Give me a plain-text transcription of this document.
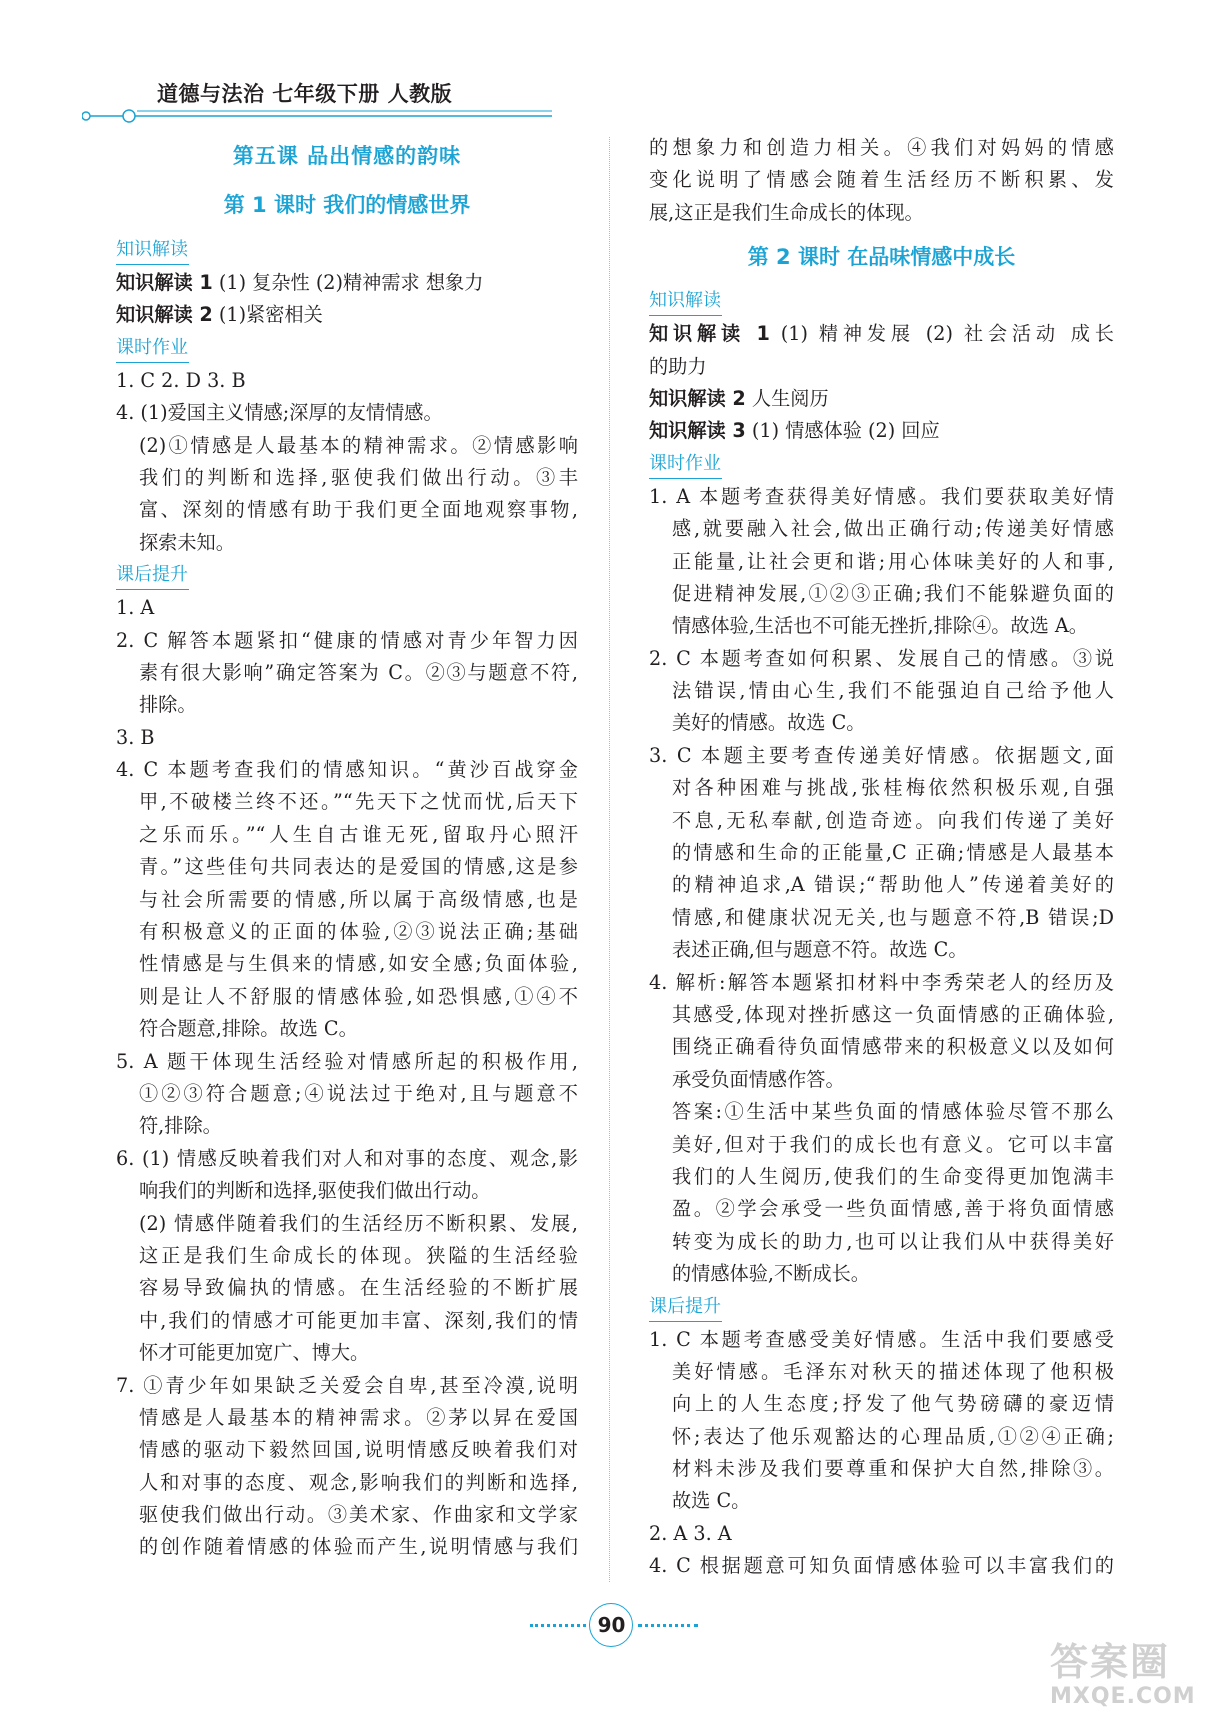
道德与法治 七年级下册 人教版
第五课 品出情感的韵味
第 1 课时 我们的情感世界
知识解读
知识解读 1 (1) 复杂性 (2)精神需求 想象力
知识解读 2 (1)紧密相关
课时作业
1. C 2. D 3. B
4. (1)爱国主义情感;深厚的友情情感。
(2)①情感是人最基本的精神需求。②情感影响
我们的判断和选择,驱使我们做出行动。③丰
富、深刻的情感有助于我们更全面地观察事物,
探索未知。
课后提升
1. A
2. C 解答本题紧扣“健康的情感对青少年智力因
素有很大影响”确定答案为 C。②③与题意不符,
排除。
3. B
4. C 本题考查我们的情感知识。“黄沙百战穿金
甲,不破楼兰终不还。”“先天下之忧而忧,后天下
之乐而乐。”“人生自古谁无死,留取丹心照汗
青。”这些佳句共同表达的是爱国的情感,这是参
与社会所需要的情感,所以属于高级情感,也是
有积极意义的正面的体验,②③说法正确;基础
性情感是与生俱来的情感,如安全感;负面体验,
则是让人不舒服的情感体验,如恐惧感,①④不
符合题意,排除。故选 C。
5. A 题干体现生活经验对情感所起的积极作用,
①②③符合题意;④说法过于绝对,且与题意不
符,排除。
6. (1) 情感反映着我们对人和对事的态度、观念,影
响我们的判断和选择,驱使我们做出行动。
(2) 情感伴随着我们的生活经历不断积累、发展,
这正是我们生命成长的体现。狭隘的生活经验
容易导致偏执的情感。在生活经验的不断扩展
中,我们的情感才可能更加丰富、深刻,我们的情
怀才可能更加宽广、博大。
7. ①青少年如果缺乏关爱会自卑,甚至冷漠,说明
情感是人最基本的精神需求。②茅以昇在爱国
情感的驱动下毅然回国,说明情感反映着我们对
人和对事的态度、观念,影响我们的判断和选择,
驱使我们做出行动。③美术家、作曲家和文学家
的创作随着情感的体验而产生,说明情感与我们
的想象力和创造力相关。④我们对妈妈的情感
变化说明了情感会随着生活经历不断积累、发
展,这正是我们生命成长的体现。
第 2 课时 在品味情感中成长
知识解读
知识解读 1 (1) 精神发展 (2) 社会活动 成长
的助力
知识解读 2 人生阅历
知识解读 3 (1) 情感体验 (2) 回应
课时作业
1. A 本题考查获得美好情感。我们要获取美好情
感,就要融入社会,做出正确行动;传递美好情感
正能量,让社会更和谐;用心体味美好的人和事,
促进精神发展,①②③正确;我们不能躲避负面的
情感体验,生活也不可能无挫折,排除④。故选 A。
2. C 本题考查如何积累、发展自己的情感。③说
法错误,情由心生,我们不能强迫自己给予他人
美好的情感。故选 C。
3. C 本题主要考查传递美好情感。依据题文,面
对各种困难与挑战,张桂梅依然积极乐观,自强
不息,无私奉献,创造奇迹。向我们传递了美好
的情感和生命的正能量,C 正确;情感是人最基本
的精神追求,A 错误;“帮助他人”传递着美好的
情感,和健康状况无关,也与题意不符,B 错误;D
表述正确,但与题意不符。故选 C。
4. 解析:解答本题紧扣材料中李秀荣老人的经历及
其感受,体现对挫折感这一负面情感的正确体验,
围绕正确看待负面情感带来的积极意义以及如何
承受负面情感作答。
答案:①生活中某些负面的情感体验尽管不那么
美好,但对于我们的成长也有意义。它可以丰富
我们的人生阅历,使我们的生命变得更加饱满丰
盈。②学会承受一些负面情感,善于将负面情感
转变为成长的助力,也可以让我们从中获得美好
的情感体验,不断成长。
课后提升
1. C 本题考查感受美好情感。生活中我们要感受
美好情感。毛泽东对秋天的描述体现了他积极
向上的人生态度;抒发了他气势磅礴的豪迈情
怀;表达了他乐观豁达的心理品质,①②④正确;
材料未涉及我们要尊重和保护大自然,排除③。
故选 C。
2. A 3. A
4. C 根据题意可知负面情感体验可以丰富我们的
90
答案圈
MXQE.COM
